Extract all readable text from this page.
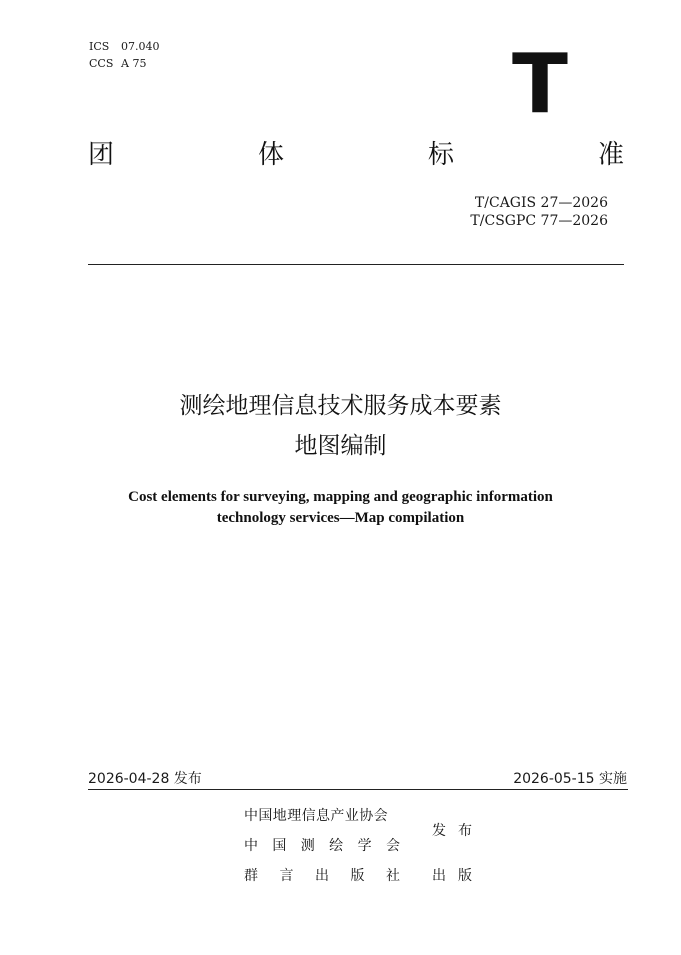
ICS 07.040
CCS A 75	T
团	体	标	准
T/CAGIS 27—2026
T/CSGPC 77—2026
测绘地理信息技术服务成本要素
地图编制
Cost elements for surveying, mapping and geographic information
technology services—Map compilation
2026-04-28 发布	2026-05-15 实施
中国地理信息产业协会
中 国 测 绘 学 会
群 言 出 版 社
发 布
出 版
